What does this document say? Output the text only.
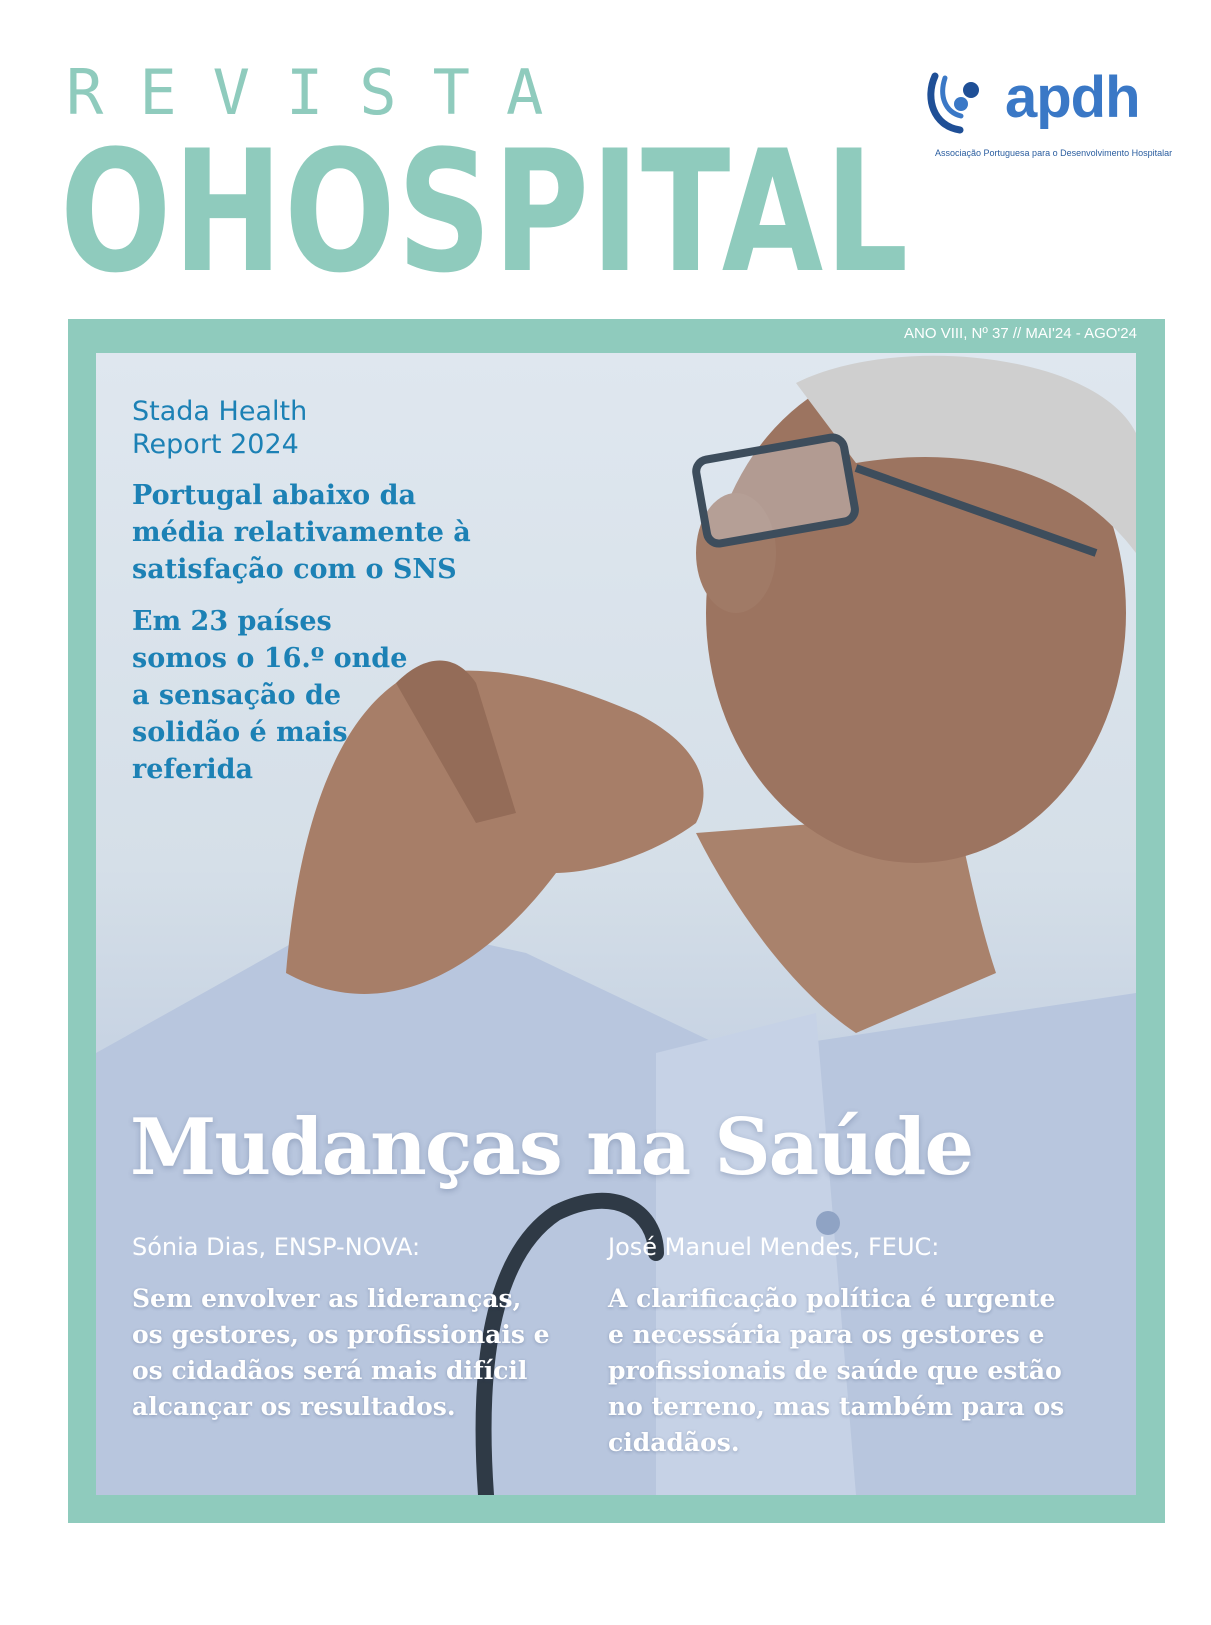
REVISTA
OHOSPITAL
apdh
Associação Portuguesa para o Desenvolvimento Hospitalar
ANO VIII, Nº 37 // MAI'24 - AGO'24
Stada Health
Report 2024
Portugal abaixo da média relativamente à satisfação com o SNS
Em 23 países somos o 16.º onde a sensação de solidão é mais referida
Mudanças na Saúde
Sónia Dias, ENSP-NOVA:
Sem envolver as lideranças, os gestores, os profissionais e os cidadãos será mais difícil alcançar os resultados.
José Manuel Mendes, FEUC:
A clarificação política é urgente e necessária para os gestores e profissionais de saúde que estão no terreno, mas também para os cidadãos.
